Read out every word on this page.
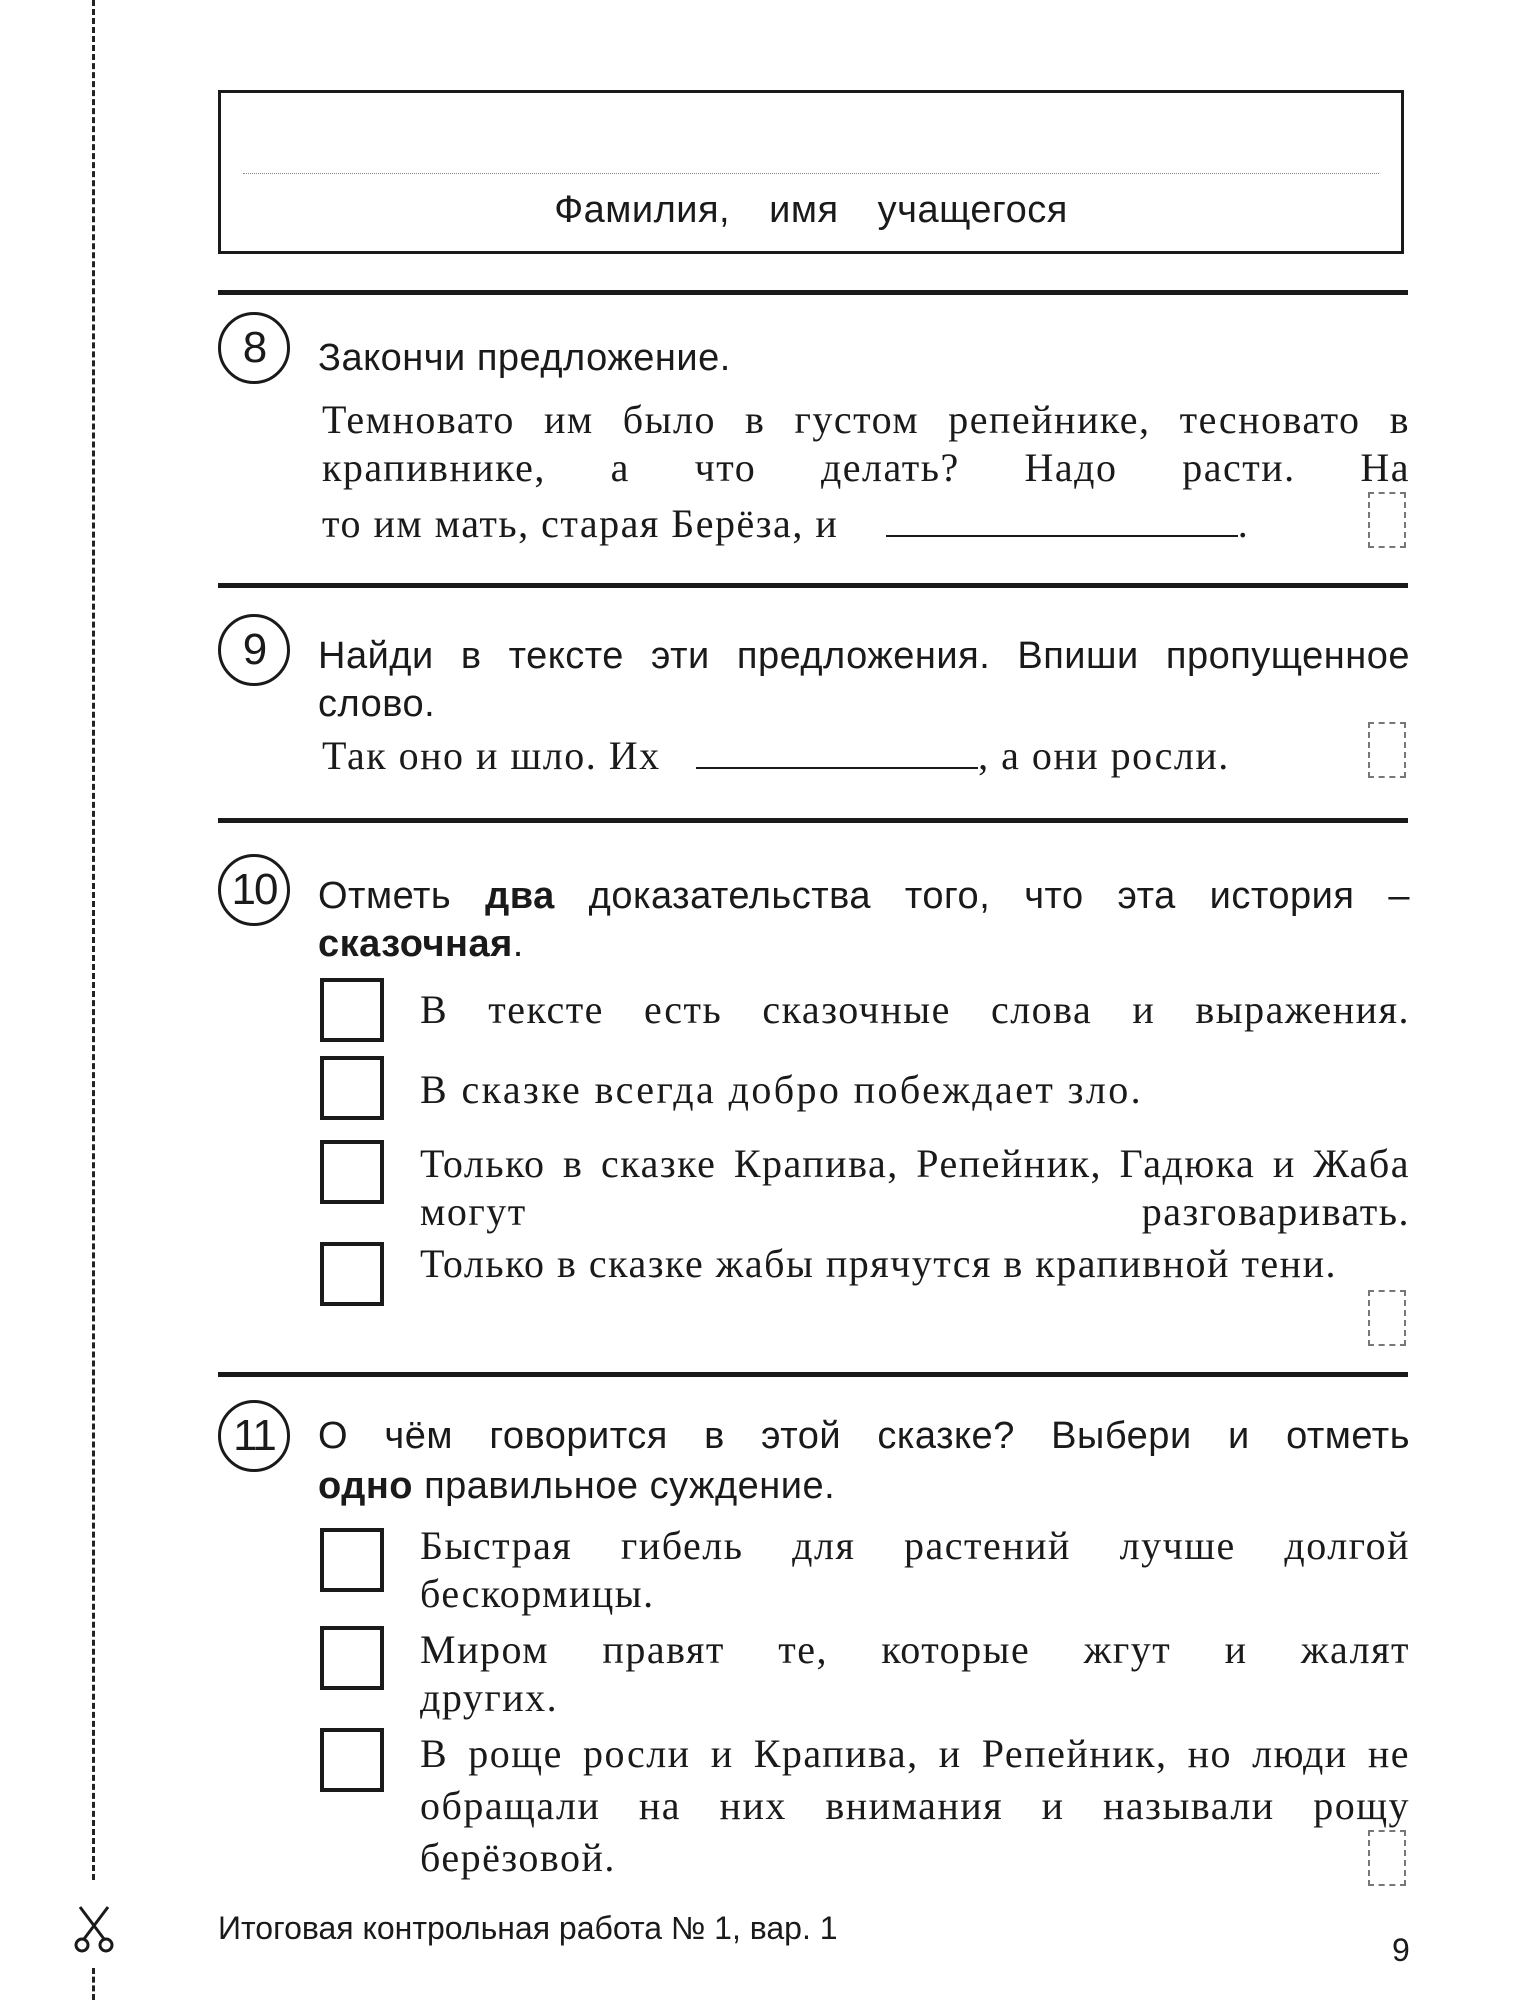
Фамилия, имя учащегося
8	Закончи предложение.
Темновато им было в густом репейнике, тесновато в крапивнике, а что делать? Надо расти. На
то им мать, старая Берёза, и	.
9	Найди в тексте эти предложения. Впиши пропущенное слово.
Так оно и шло. Их	, а они росли.
10	Отметь два доказательства того, что эта история –
сказочная.
В тексте есть сказочные слова и выражения.
В сказке всегда добро побеждает зло.
Только в сказке Крапива, Репейник, Гадюка и Жаба могут разговаривать.
Только в сказке жабы прячутся в крапивной тени.
11	О чём говорится в этой сказке? Выбери и отметь
одно правильное суждение.
Быстрая гибель для растений лучше долгой бескормицы.
Миром правят те, которые жгут и жалят других.
В роще росли и Крапива, и Репейник, но люди не обращали на них внимания и называли рощу берёзовой.
Итоговая контрольная работа № 1, вар. 1
9
